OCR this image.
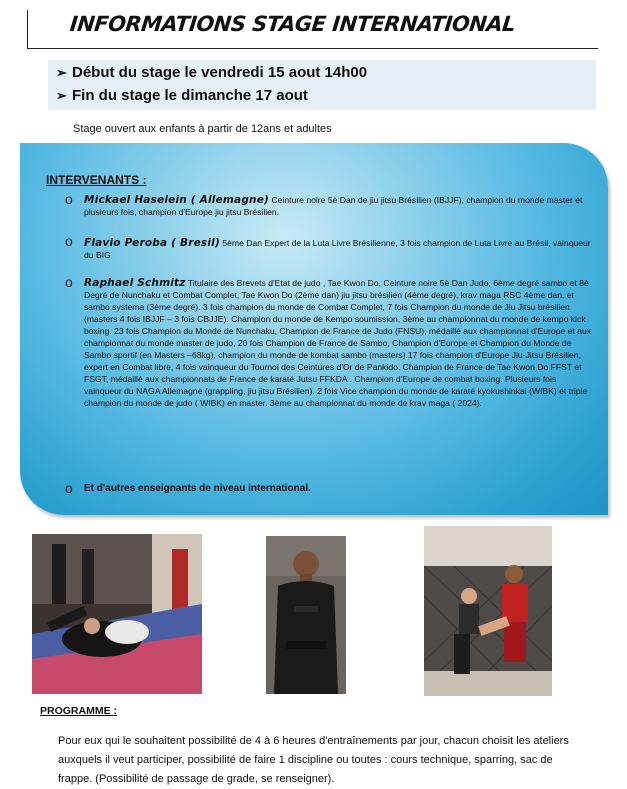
INFORMATIONS STAGE INTERNATIONAL
➢ Début du stage le vendredi 15 aout 14h00
➢ Fin du stage le dimanche 17 aout
Stage ouvert aux enfants à partir de 12ans et adultes
INTERVENANTS :
o Mickael Haselein ( Allemagne) Ceinture noire 5è Dan de jiu jitsu Brésilien (IBJJF), champion du monde master et plusieurs fois, champion d'Europe jiu jitsu Brésilien.
o Flavio Peroba ( Bresil) 5ème Dan Expert de la Luta Livre Brésilienne, 3 fois champion de Luta Livre au Brésil, vainqueur du BIG
o Raphael Schmitz Titulaire des Brevets d'Etat de judo , Tae Kwon Do, Ceinture noire 5è Dan Judo, 6ème degré sambo et 8è Degré de Nunchaku et Combat Complet, Tae Kwon Do (2ème dan) jiu jitsu brésilien (4ème degré), krav maga RSC 4ème dan, et sambo systema (3ème degré). 3 fois champion du monde de Combat Complet, 7 fois Champion du monde de Jiu Jitsu brésilien (masters 4 fois IBJJF – 3 fois CBJJE). Champion du monde de Kempo soumission, 3ème au championnat du monde de kempo kick boxing. 23 fois Champion du Monde de Nunchaku, Champion de France de Judo (FNSU), médaillé aux championnat d'Europe et aux championnat du monde master de judo, 20 fois Champion de France de Sambo, Champion d'Europe et Champion du Monde de Sambo sportif (en Masters –68kg), champion du monde de kombat sambo (masters).17 fois champion d'Europe Jiu-Jitsu Brésilien, expert en Combat libre, 4 fois vainqueur du Tournoi des Ceintures d'Or de Pankido. Champion de France de Tae Kwon Do FFST et FSGT, médaillé aux championnats de France de karaté Jutsu FFKDA . Champion d'Europe de combat boxing. Plusieurs fois vainqueur du NAGA Allemagne (grappling, jiu jitsu Brésilien). 2 fois Vice champion du monde de karaté kyokushinkai (WIBK) et triple champion du monde de judo ( WIBK) en master. 3ème au championnat du monde de krav maga ( 2024).
o Et d'autres enseignants de niveau international.
PROGRAMME :
Pour eux qui le souhaitent possibilité de 4 à 6 heures d'entraînements par jour, chacun choisit les ateliers auxquels il veut participer, possibilité de faire 1 discipline ou toutes : cours technique, sparring, sac de frappe. (Possibilité de passage de grade, se renseigner).
